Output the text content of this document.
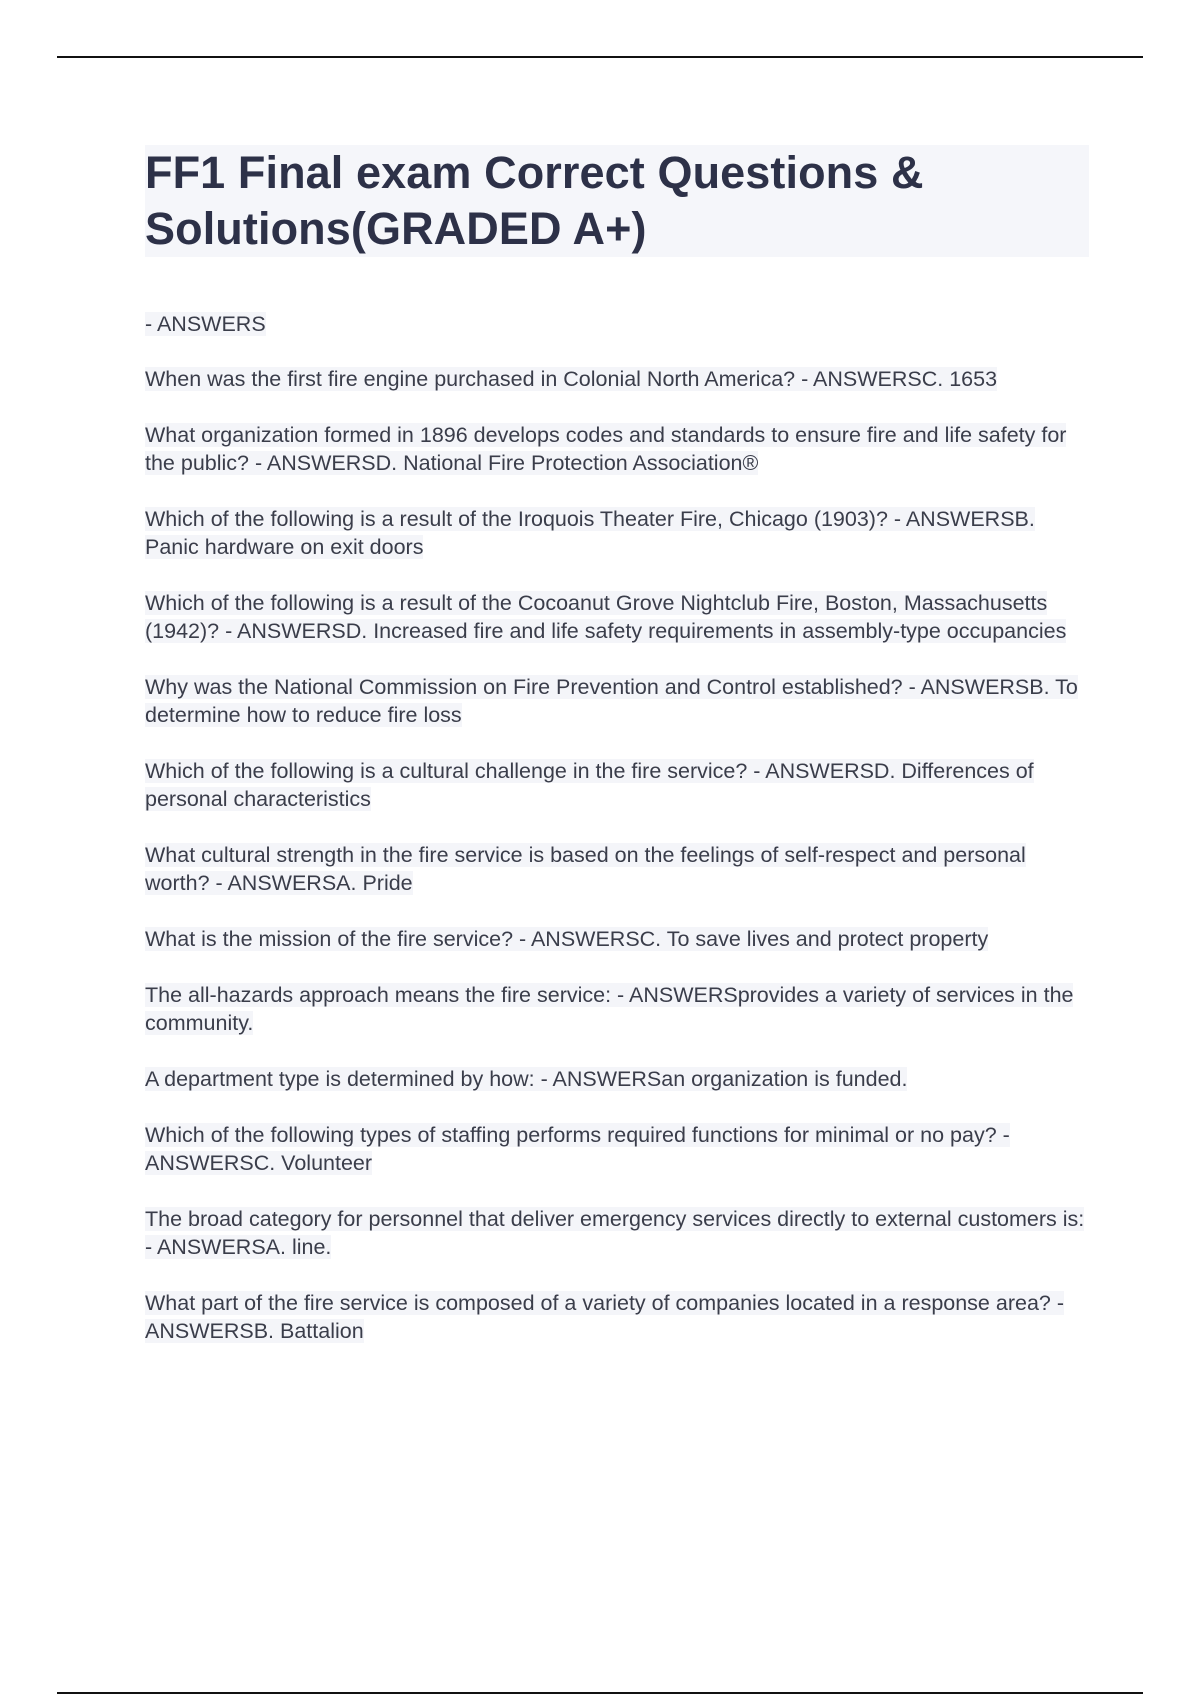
FF1 Final exam Correct Questions & Solutions(GRADED A+)

- ANSWERS

When was the first fire engine purchased in Colonial North America? - ANSWERSC. 1653

What organization formed in 1896 develops codes and standards to ensure fire and life safety for the public? - ANSWERSD. National Fire Protection Association®

Which of the following is a result of the Iroquois Theater Fire, Chicago (1903)? - ANSWERSB. Panic hardware on exit doors

Which of the following is a result of the Cocoanut Grove Nightclub Fire, Boston, Massachusetts (1942)? - ANSWERSD. Increased fire and life safety requirements in assembly-type occupancies

Why was the National Commission on Fire Prevention and Control established? - ANSWERSB. To determine how to reduce fire loss

Which of the following is a cultural challenge in the fire service? - ANSWERSD. Differences of personal characteristics

What cultural strength in the fire service is based on the feelings of self-respect and personal worth? - ANSWERSA. Pride

What is the mission of the fire service? - ANSWERSC. To save lives and protect property

The all-hazards approach means the fire service: - ANSWERSprovides a variety of services in the community.

A department type is determined by how: - ANSWERSan organization is funded.

Which of the following types of staffing performs required functions for minimal or no pay? - ANSWERSC. Volunteer

The broad category for personnel that deliver emergency services directly to external customers is: - ANSWERSA. line.

What part of the fire service is composed of a variety of companies located in a response area? - ANSWERSB. Battalion
